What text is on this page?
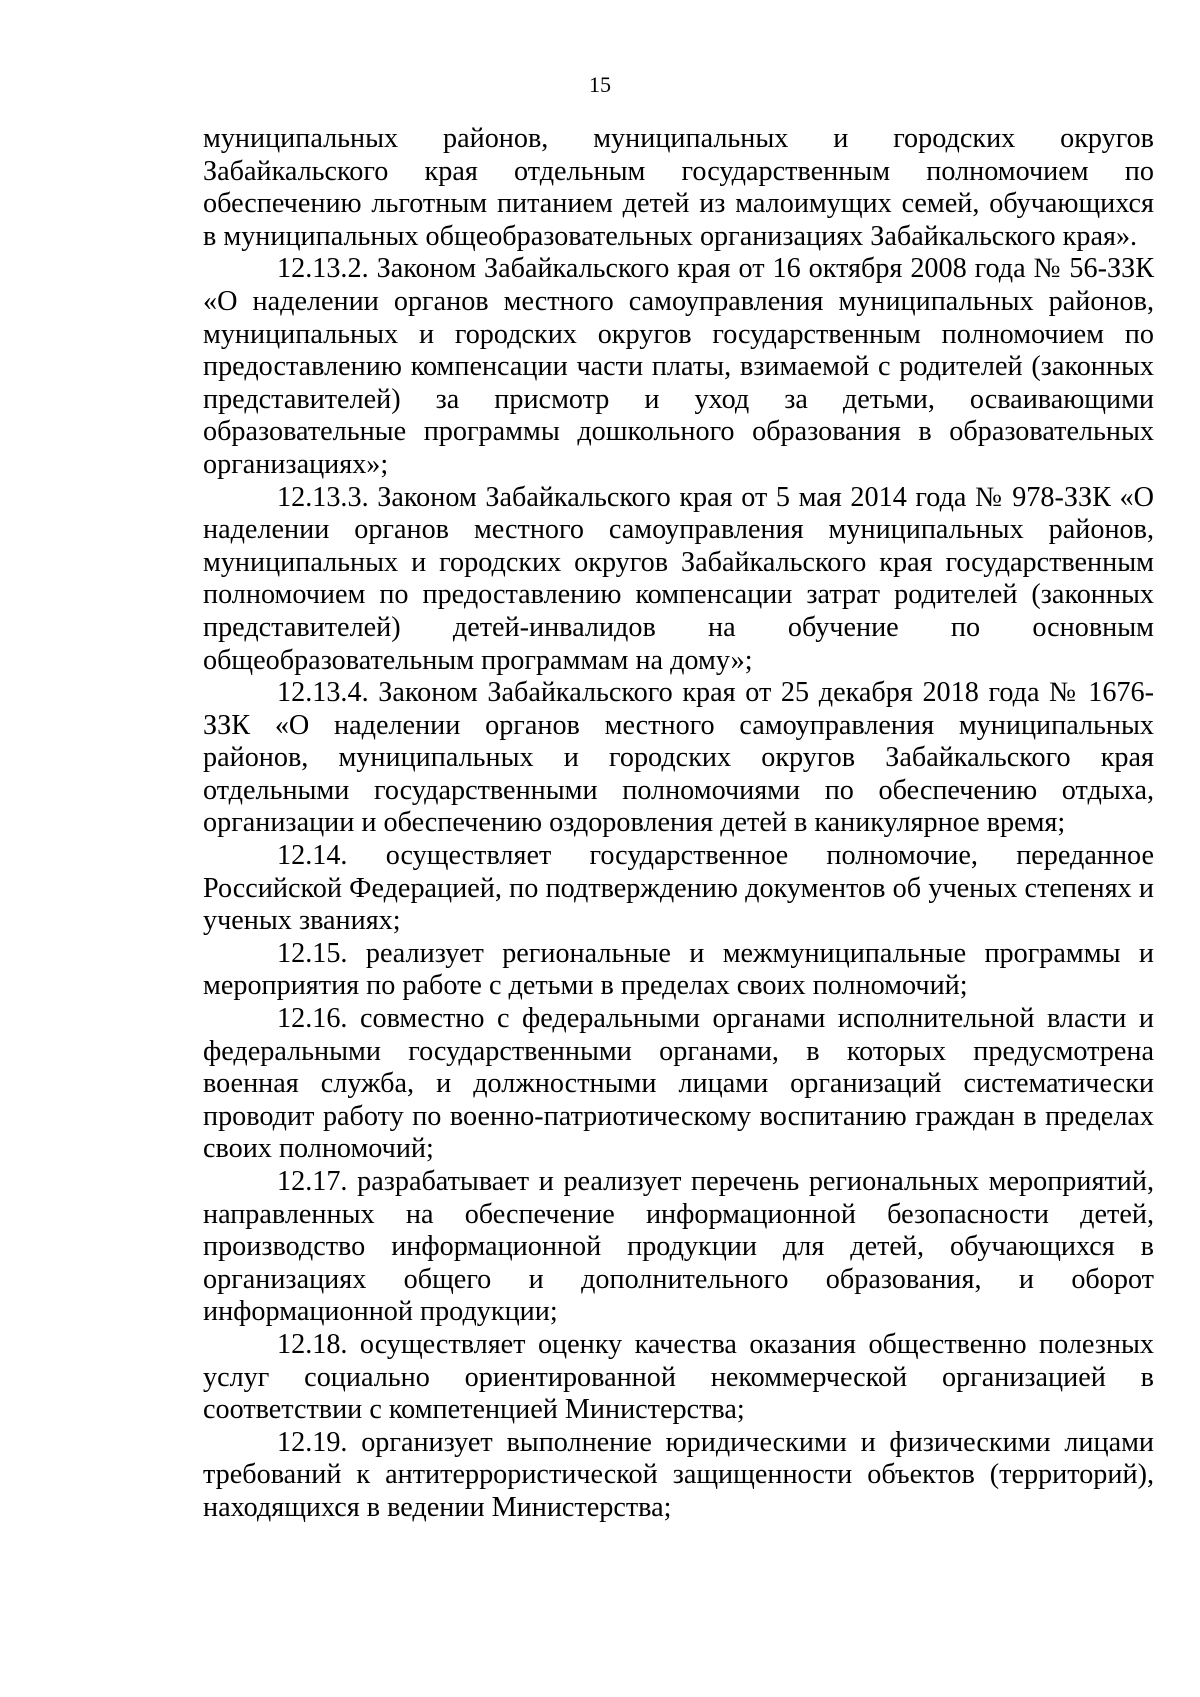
15

муниципальных районов, муниципальных и городских округов Забайкальского края отдельным государственным полномочием по обеспечению льготным питанием детей из малоимущих семей, обучающихся в муниципальных общеобразовательных организациях Забайкальского края».

12.13.2. Законом Забайкальского края от 16 октября 2008 года № 56-ЗЗК «О наделении органов местного самоуправления муниципальных районов, муниципальных и городских округов государственным полномочием по предоставлению компенсации части платы, взимаемой с родителей (законных представителей) за присмотр и уход за детьми, осваивающими образовательные программы дошкольного образования в образовательных организациях»;

12.13.3. Законом Забайкальского края от 5 мая 2014 года № 978-ЗЗК «О наделении органов местного самоуправления муниципальных районов, муниципальных и городских округов Забайкальского края государственным полномочием по предоставлению компенсации затрат родителей (законных представителей) детей-инвалидов на обучение по основным общеобразовательным программам на дому»;

12.13.4. Законом Забайкальского края от 25 декабря 2018 года № 1676-ЗЗК «О наделении органов местного самоуправления муниципальных районов, муниципальных и городских округов Забайкальского края отдельными государственными полномочиями по обеспечению отдыха, организации и обеспечению оздоровления детей в каникулярное время;

12.14. осуществляет государственное полномочие, переданное Российской Федерацией, по подтверждению документов об ученых степенях и ученых званиях;

12.15. реализует региональные и межмуниципальные программы и мероприятия по работе с детьми в пределах своих полномочий;

12.16. совместно с федеральными органами исполнительной власти и федеральными государственными органами, в которых предусмотрена военная служба, и должностными лицами организаций систематически проводит работу по военно-патриотическому воспитанию граждан в пределах своих полномочий;

12.17. разрабатывает и реализует перечень региональных мероприятий, направленных на обеспечение информационной безопасности детей, производство информационной продукции для детей, обучающихся в организациях общего и дополнительного образования, и оборот информационной продукции;

12.18. осуществляет оценку качества оказания общественно полезных услуг социально ориентированной некоммерческой организацией в соответствии с компетенцией Министерства;

12.19. организует выполнение юридическими и физическими лицами требований к антитеррористической защищенности объектов (территорий), находящихся в ведении Министерства;
